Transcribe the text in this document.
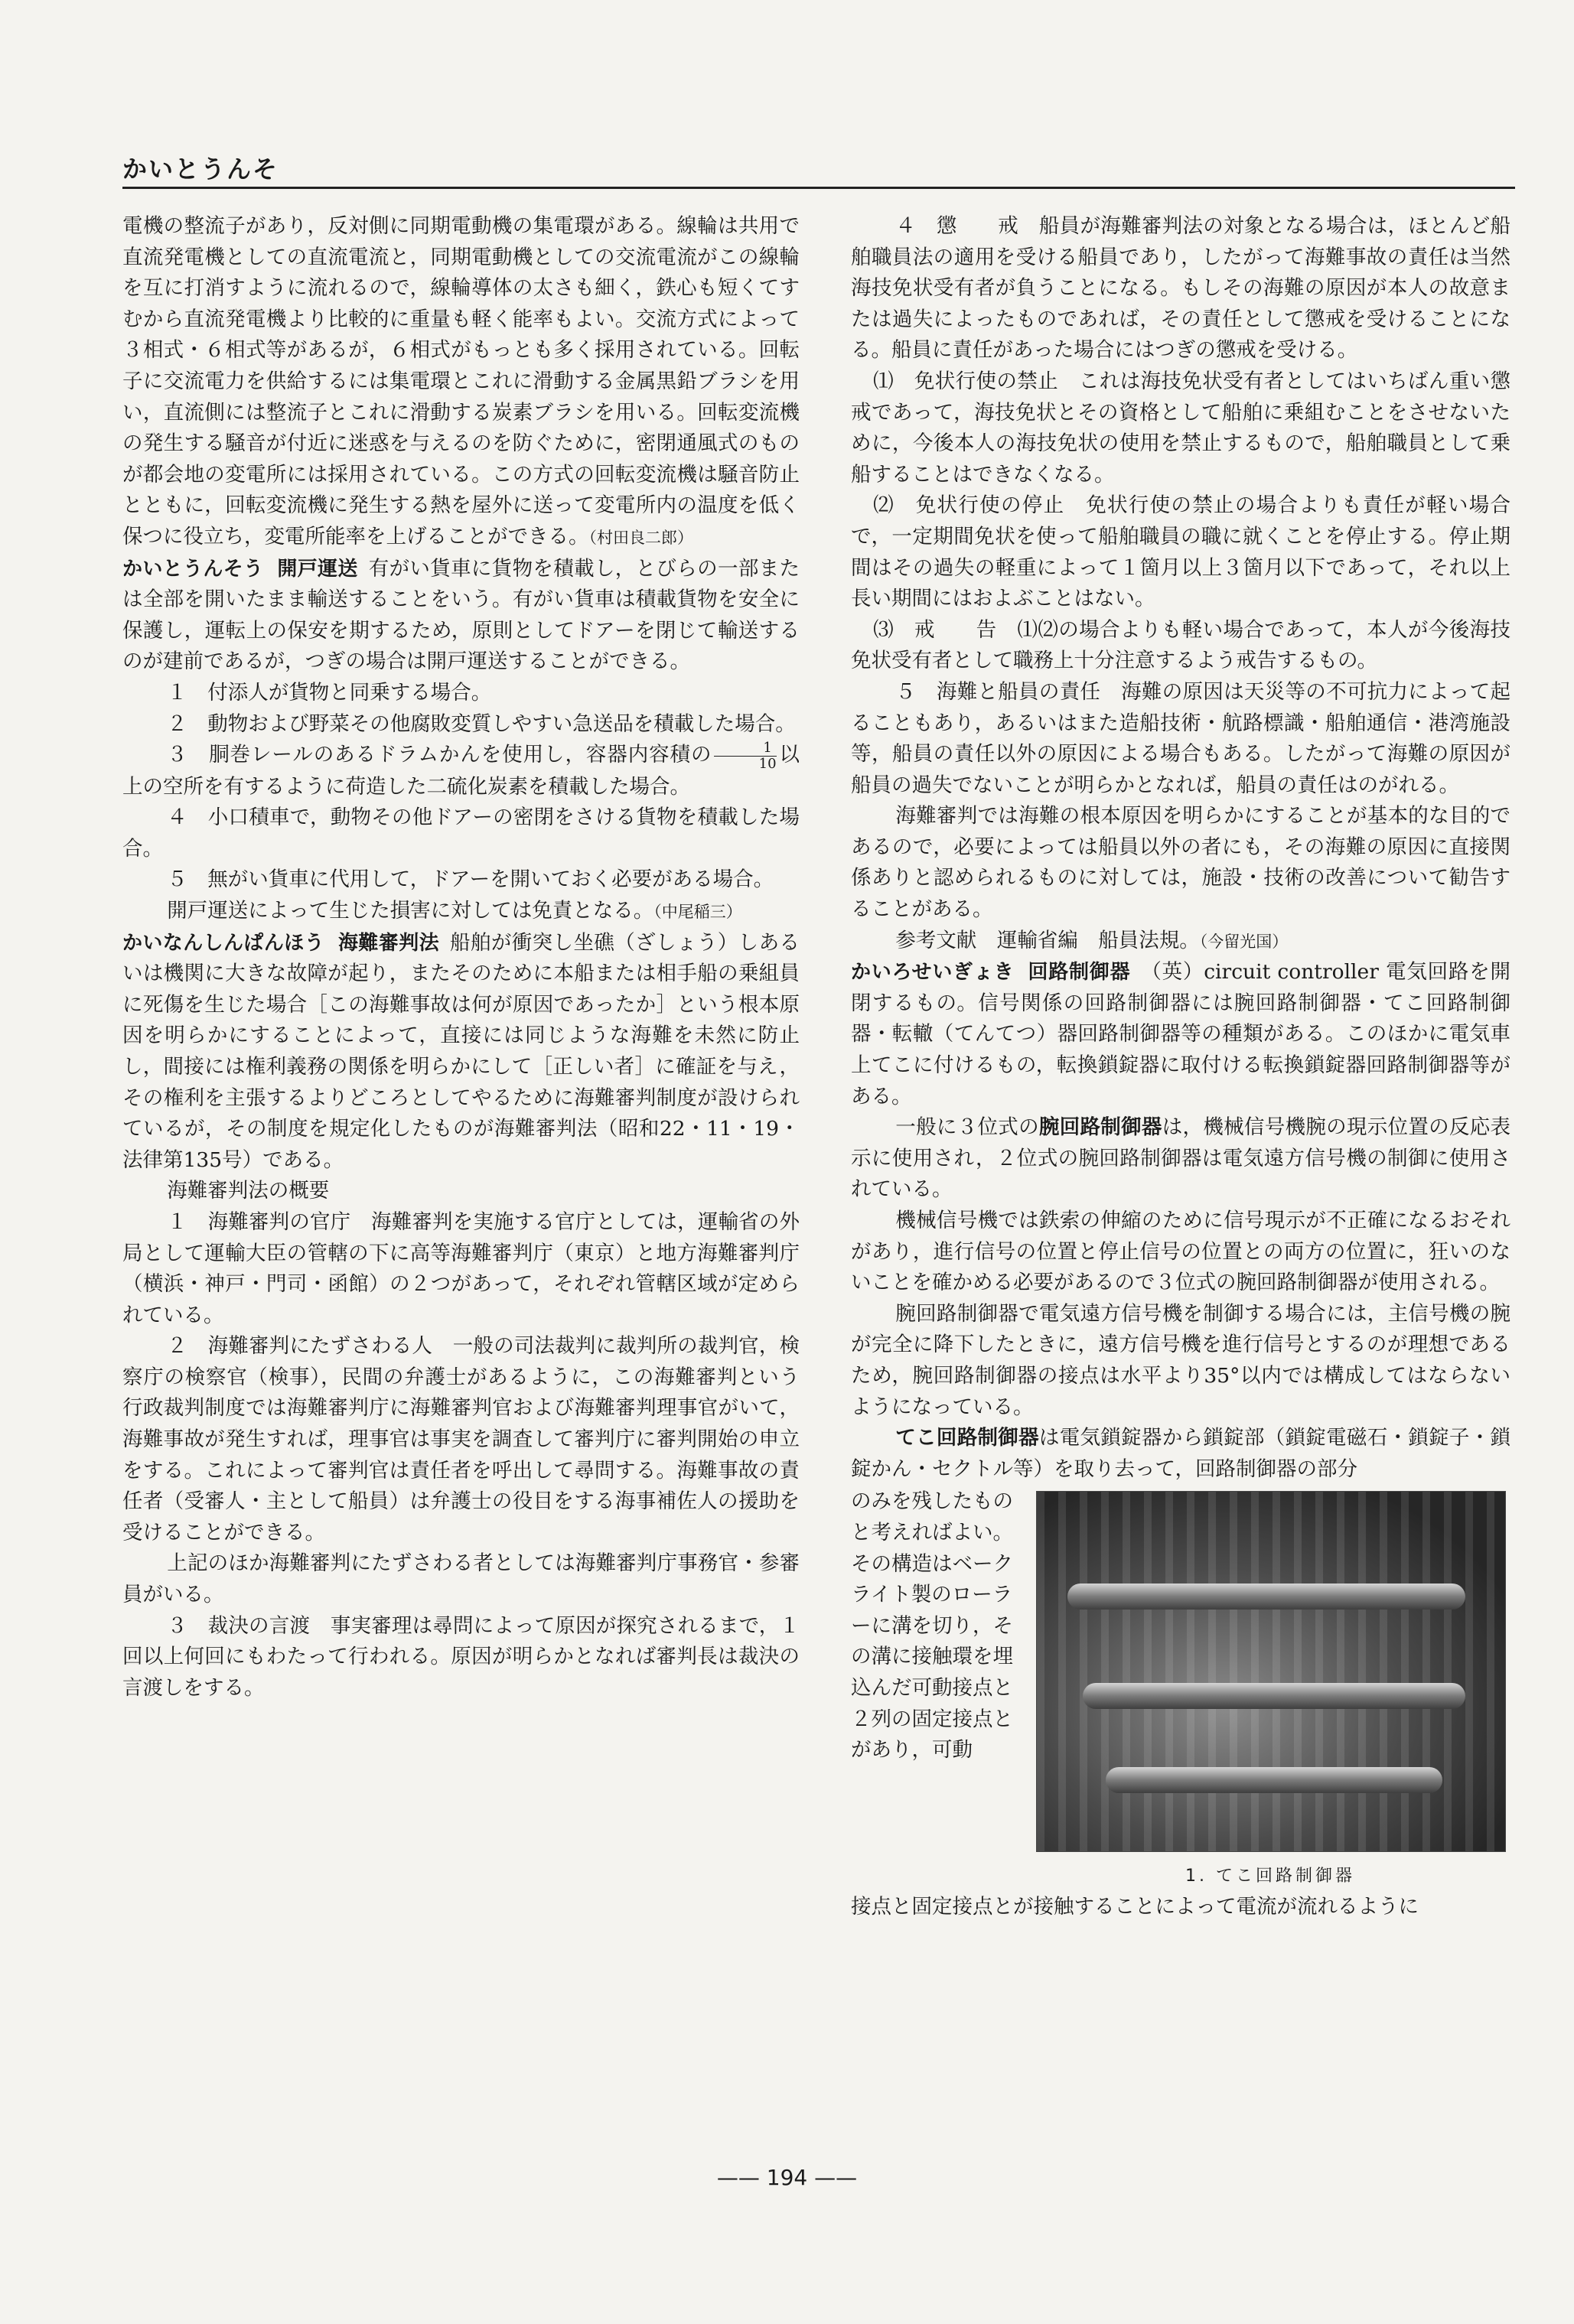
かいとうんそ

電機の整流子があり，反対側に同期電動機の集電環がある。線輪は共用で直流発電機としての直流電流と，同期電動機としての交流電流がこの線輪を互に打消すように流れるので，線輪導体の太さも細く，鉄心も短くてすむから直流発電機より比較的に重量も軽く能率もよい。交流方式によって３相式・６相式等があるが，６相式がもっとも多く採用されている。回転子に交流電力を供給するには集電環とこれに滑動する金属黒鉛ブラシを用い，直流側には整流子とこれに滑動する炭素ブラシを用いる。回転変流機の発生する騒音が付近に迷惑を与えるのを防ぐために，密閉通風式のものが都会地の変電所には採用されている。この方式の回転変流機は騒音防止とともに，回転変流機に発生する熱を屋外に送って変電所内の温度を低く保つに役立ち，変電所能率を上げることができる。（村田良二郎）

かいとうんそう 開戸運送 有がい貨車に貨物を積載し，とびらの一部または全部を開いたまま輸送することをいう。有がい貨車は積載貨物を安全に保護し，運転上の保安を期するため，原則としてドアーを閉じて輸送するのが建前であるが，つぎの場合は開戸運送することができる。

１　付添人が貨物と同乗する場合。

２　動物および野菜その他腐敗変質しやすい急送品を積載した場合。

３　胴巻レールのあるドラムかんを使用し，容器内容積の $\frac{1}{10}$ 以上の空所を有するように荷造した二硫化炭素を積載した場合。

４　小口積車で，動物その他ドアーの密閉をさける貨物を積載した場合。

５　無がい貨車に代用して，ドアーを開いておく必要がある場合。

開戸運送によって生じた損害に対しては免責となる。（中尾稲三）

かいなんしんぱんほう 海難審判法 船舶が衝突し坐礁（ざしょう）しあるいは機関に大きな故障が起り，またそのために本船または相手船の乗組員に死傷を生じた場合［この海難事故は何が原因であったか］という根本原因を明らかにすることによって，直接には同じような海難を未然に防止し，間接には権利義務の関係を明らかにして［正しい者］に確証を与え，その権利を主張するよりどころとしてやるために海難審判制度が設けられているが，その制度を規定化したものが海難審判法（昭和22・11・19・法律第135号）である。

海難審判法の概要

１　海難審判の官庁　海難審判を実施する官庁としては，運輸省の外局として運輸大臣の管轄の下に高等海難審判庁（東京）と地方海難審判庁（横浜・神戸・門司・函館）の２つがあって，それぞれ管轄区域が定められている。

２　海難審判にたずさわる人　一般の司法裁判に裁判所の裁判官，検察庁の検察官（検事），民間の弁護士があるように，この海難審判という行政裁判制度では海難審判庁に海難審判官および海難審判理事官がいて，海難事故が発生すれば，理事官は事実を調査して審判庁に審判開始の申立をする。これによって審判官は責任者を呼出して尋問する。海難事故の責任者（受審人・主として船員）は弁護士の役目をする海事補佐人の援助を受けることができる。

上記のほか海難審判にたずさわる者としては海難審判庁事務官・参審員がいる。

３　裁決の言渡　事実審理は尋問によって原因が探究されるまで，１回以上何回にもわたって行われる。原因が明らかとなれば審判長は裁決の言渡しをする。

４　懲　　戒　船員が海難審判法の対象となる場合は，ほとんど船舶職員法の適用を受ける船員であり，したがって海難事故の責任は当然海技免状受有者が負うことになる。もしその海難の原因が本人の故意または過失によったものであれば，その責任として懲戒を受けることになる。船員に責任があった場合にはつぎの懲戒を受ける。

⑴　免状行使の禁止　これは海技免状受有者としてはいちばん重い懲戒であって，海技免状とその資格として船舶に乗組むことをさせないために，今後本人の海技免状の使用を禁止するもので，船舶職員として乗船することはできなくなる。

⑵　免状行使の停止　免状行使の禁止の場合よりも責任が軽い場合で，一定期間免状を使って船舶職員の職に就くことを停止する。停止期間はその過失の軽重によって１箇月以上３箇月以下であって，それ以上長い期間にはおよぶことはない。

⑶　戒　　告　⑴⑵の場合よりも軽い場合であって，本人が今後海技免状受有者として職務上十分注意するよう戒告するもの。

５　海難と船員の責任　海難の原因は天災等の不可抗力によって起ることもあり，あるいはまた造船技術・航路標識・船舶通信・港湾施設等，船員の責任以外の原因による場合もある。したがって海難の原因が船員の過失でないことが明らかとなれば，船員の責任はのがれる。

海難審判では海難の根本原因を明らかにすることが基本的な目的であるので，必要によっては船員以外の者にも，その海難の原因に直接関係ありと認められるものに対しては，施設・技術の改善について勧告することがある。

参考文献　運輸省編　船員法規。（今留光国）

かいろせいぎょき 回路制御器 （英）circuit controller 電気回路を開閉するもの。信号関係の回路制御器には腕回路制御器・てこ回路制御器・転轍（てんてつ）器回路制御器等の種類がある。このほかに電気車上てこに付けるもの，転換鎖錠器に取付ける転換鎖錠器回路制御器等がある。

一般に３位式の腕回路制御器は，機械信号機腕の現示位置の反応表示に使用され，２位式の腕回路制御器は電気遠方信号機の制御に使用されている。

機械信号機では鉄索の伸縮のために信号現示が不正確になるおそれがあり，進行信号の位置と停止信号の位置との両方の位置に，狂いのないことを確かめる必要があるので３位式の腕回路制御器が使用される。

腕回路制御器で電気遠方信号機を制御する場合には，主信号機の腕が完全に降下したときに，遠方信号機を進行信号とするのが理想であるため，腕回路制御器の接点は水平より35°以内では構成してはならないようになっている。

てこ回路制御器は電気鎖錠器から鎖錠部（鎖錠電磁石・鎖錠子・鎖錠かん・セクトル等）を取り去って，回路制御器の部分

のみを残したものと考えればよい。その構造はベークライト製のローラーに溝を切り，その溝に接触環を埋込んだ可動接点と２列の固定接点とがあり，可動
1. てこ回路制御器

接点と固定接点とが接触することによって電流が流れるように

—— 194 ——
